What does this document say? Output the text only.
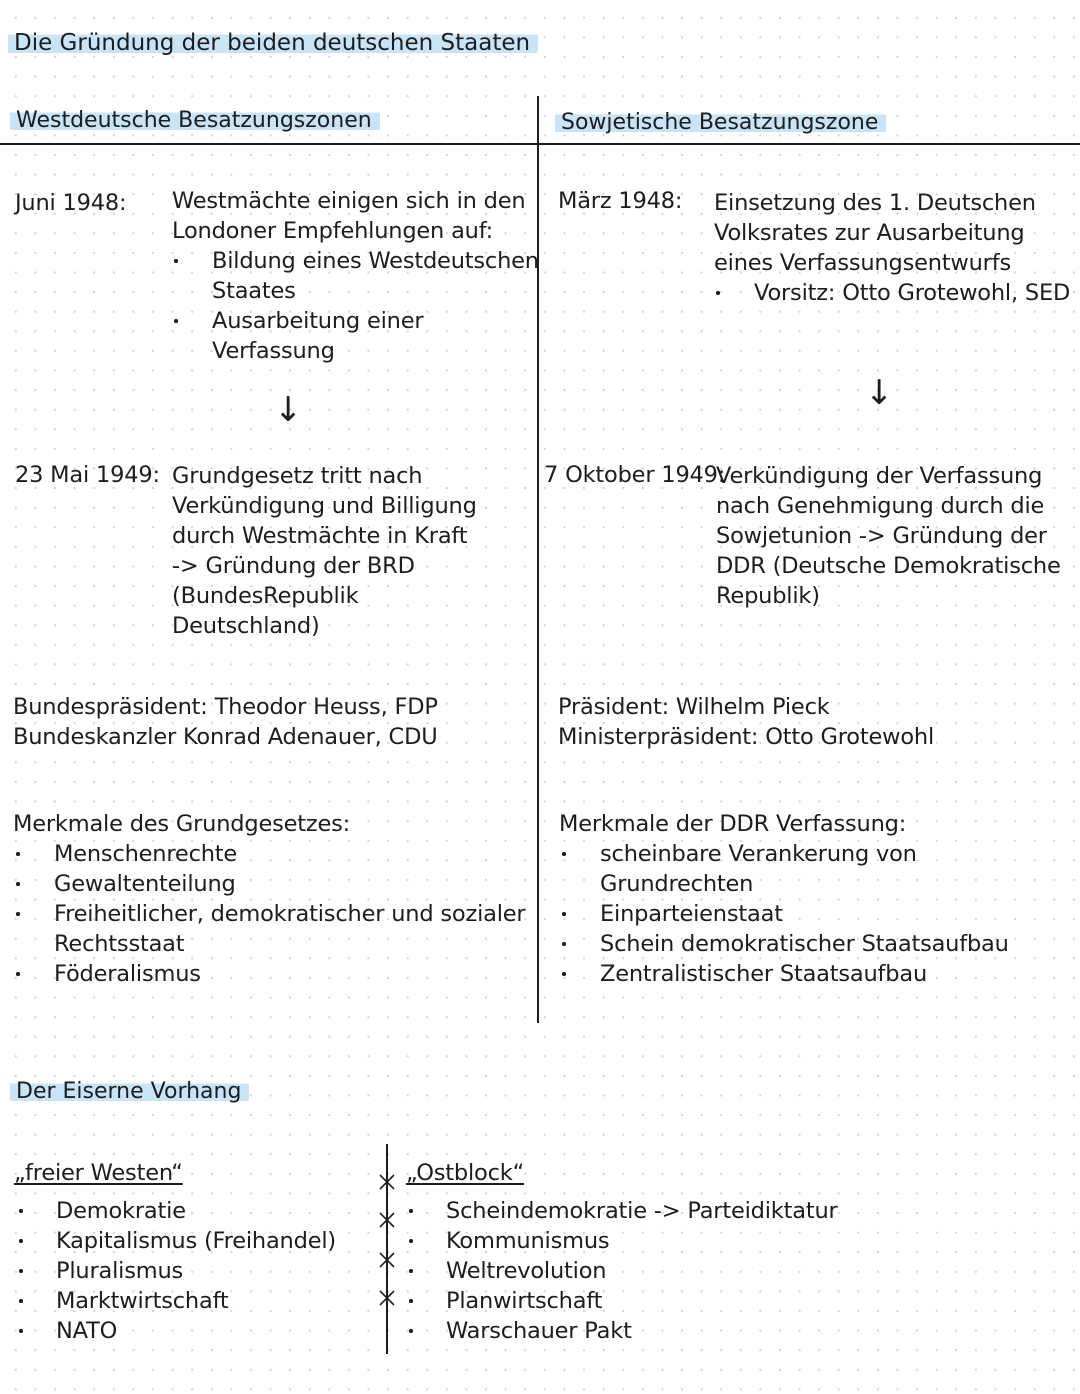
Die Gründung der beiden deutschen Staaten
Westdeutsche Besatzungszonen	Sowjetische Besatzungszone
Juni 1948: Westmächte einigen sich in den
Londoner Empfehlungen auf:
Bildung eines Westdeutschen
Staates
Ausarbeitung einer
Verfassung
↓
23 Mai 1949: Grundgesetz tritt nach
Verkündigung und Billigung
durch Westmächte in Kraft
-> Gründung der BRD
(BundesRepublik
Deutschland)
Bundespräsident: Theodor Heuss, FDP
Bundeskanzler Konrad Adenauer, CDU
Merkmale des Grundgesetzes:
Menschenrechte
Gewaltenteilung
Freiheitlicher, demokratischer und sozialer
Rechtsstaat
Föderalismus
März 1948: Einsetzung des 1. Deutschen
Volksrates zur Ausarbeitung
eines Verfassungsentwurfs
Vorsitz: Otto Grotewohl, SED
↓
7 Oktober 1949:
Verkündigung der Verfassung
nach Genehmigung durch die
Sowjetunion -> Gründung der
DDR (Deutsche Demokratische
Republik)
Präsident: Wilhelm Pieck
Ministerpräsident: Otto Grotewohl
Merkmale der DDR Verfassung:
scheinbare Verankerung von
Grundrechten
Einparteienstaat
Schein demokratischer Staatsaufbau
Zentralistischer Staatsaufbau
Der Eiserne Vorhang
„freier Westen“
Demokratie
Kapitalismus (Freihandel)
Pluralismus
Marktwirtschaft
NATO
„Ostblock“
Scheindemokratie -> Parteidiktatur
Kommunismus
Weltrevolution
Planwirtschaft
Warschauer Pakt
